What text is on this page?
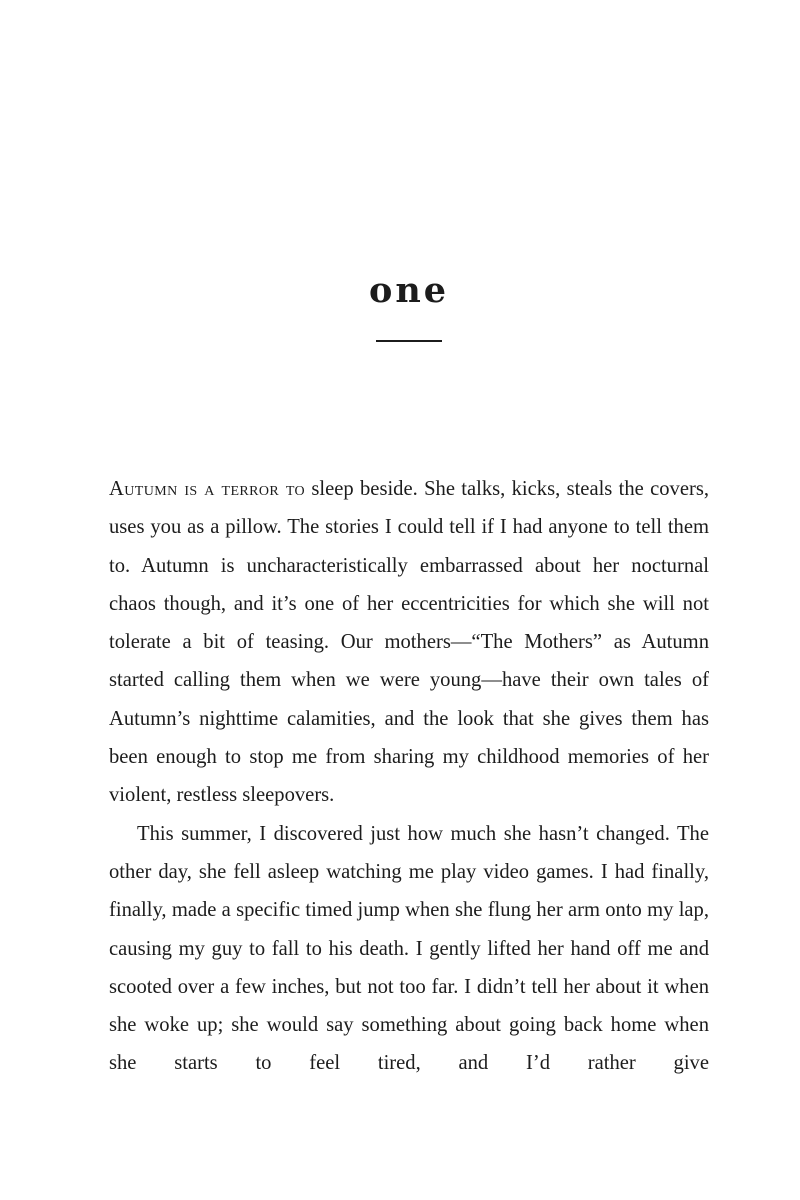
one

Autumn is a terror to sleep beside. She talks, kicks, steals the covers, uses you as a pillow. The stories I could tell if I had anyone to tell them to. Autumn is uncharacteristically embarrassed about her nocturnal chaos though, and it’s one of her eccentricities for which she will not tolerate a bit of teasing. Our mothers—“The Mothers” as Autumn started calling them when we were young—have their own tales of Autumn’s nighttime calamities, and the look that she gives them has been enough to stop me from sharing my childhood memories of her violent, restless sleepovers.

This summer, I discovered just how much she hasn’t changed. The other day, she fell asleep watching me play video games. I had finally, finally, made a specific timed jump when she flung her arm onto my lap, causing my guy to fall to his death. I gently lifted her hand off me and scooted over a few inches, but not too far. I didn’t tell her about it when she woke up; she would say something about going back home when she starts to feel tired, and I’d rather give
